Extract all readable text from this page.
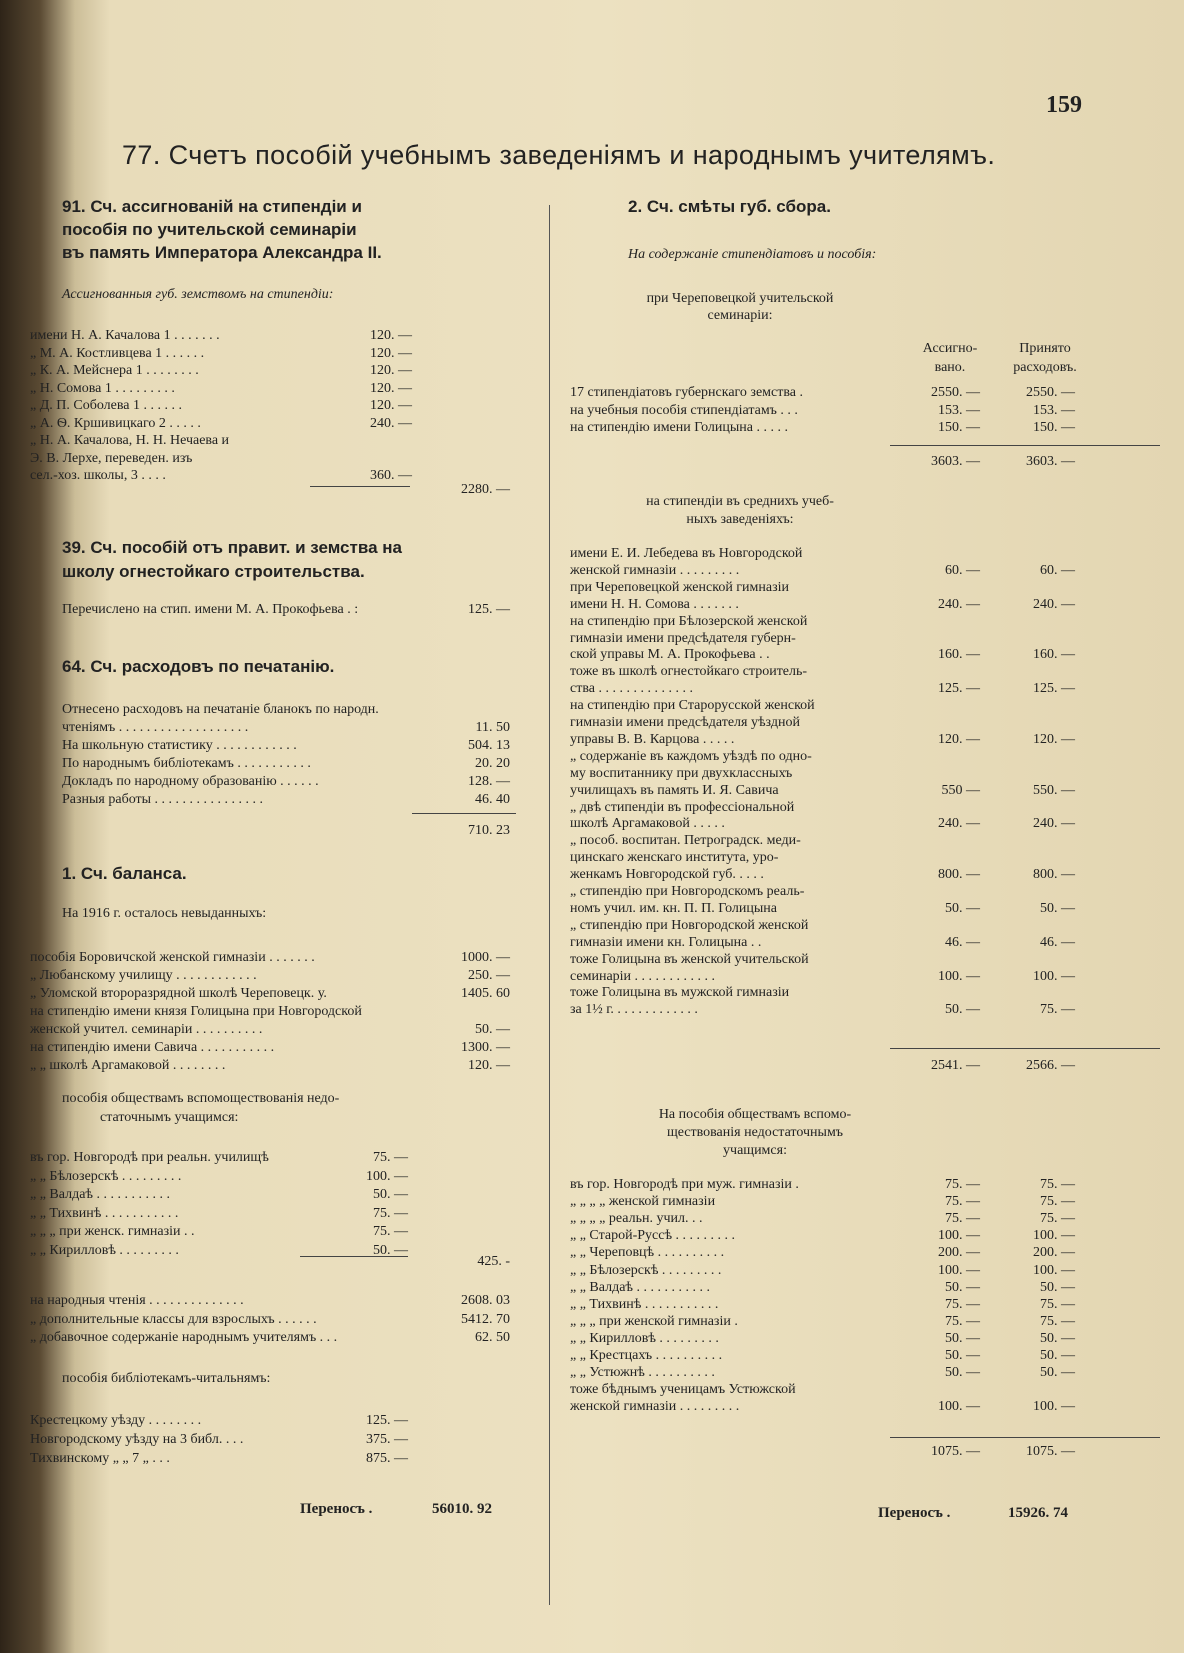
159
77. Счетъ пособій учебнымъ заведеніямъ и народнымъ учителямъ.
91. Сч. ассигнованій на стипендіи и
пособія по учительской семинаріи
въ память Императора Александра II.
Ассигнованныя губ. земствомъ на стипендіи:
имени Н. А. Качалова 1 . . . . . . .	120. —
„ М. А. Костливцева 1 . . . . . .	120. —
„ К. А. Мейснера 1 . . . . . . . .	120. —
„ Н. Сомова 1 . . . . . . . . .	120. —
„ Д. П. Соболева 1 . . . . . .	120. —
„ А. Ѳ. Кршивицкаго 2 . . . . .	240. —
„ Н. А. Качалова, Н. Н. Нечаева и
Э. В. Лерхе, переведен. изъ
сел.-хоз. школы, 3 . . . .	360. —
2280. —
39. Сч. пособій отъ правит. и земства на
школу огнестойкаго строительства.
Перечислено на стип. имени М. А. Прокофьева . :	125. —
64. Сч. расходовъ по печатанію.
Отнесено расходовъ на печатаніе бланокъ по народн.
чтеніямъ . . . . . . . . . . . . . . . . . . .	11. 50
На школьную статистику . . . . . . . . . . . .	504. 13
По народнымъ библіотекамъ . . . . . . . . . . .	20. 20
Докладъ по народному образованію . . . . . .	128. —
Разныя работы . . . . . . . . . . . . . . . .	46. 40
710. 23
1. Сч. баланса.
На 1916 г. осталось невыданныхъ:
пособія Боровичской женской гимназіи . . . . . . .	1000. —
„ Любанскому училищу . . . . . . . . . . . .	250. —
„ Уломской второразрядной школѣ Череповецк. у.	1405. 60
на стипендію имени князя Голицына при Новгородской
женской учител. семинаріи . . . . . . . . . .	50. —
на стипендію имени Савича . . . . . . . . . . .	1300. —
„ „ школѣ Аргамаковой . . . . . . . .	120. —
пособія обществамъ вспомоществованія недо-
статочнымъ учащимся:
въ гор. Новгородѣ при реальн. училищѣ	75. —
„ „ Бѣлозерскѣ . . . . . . . . .	100. —
„ „ Валдаѣ . . . . . . . . . . .	50. —
„ „ Тихвинѣ . . . . . . . . . . .	75. —
„ „ „ при женск. гимназіи . .	75. —
„ „ Кирилловѣ . . . . . . . . .	50. —
425. -
на народныя чтенія . . . . . . . . . . . . . .	2608. 03
„ дополнительные классы для взрослыхъ . . . . . .	5412. 70
„ добавочное содержаніе народнымъ учителямъ . . .	62. 50
пособія библіотекамъ-читальнямъ:
Крестецкому уѣзду . . . . . . . .	125. —
Новгородскому уѣзду на 3 библ. . . .	375. —
Тихвинскому „ „ 7 „ . . .	875. —
Переносъ .	56010. 92
2. Сч. смѣты губ. сбора.
На содержаніе стипендіатовъ и пособія:
при Череповецкой учительской
семинаріи:
Ассигно-
вано.
Принято
расходовъ.
17 стипендіатовъ губернскаго земства .	2550. —	2550. —
на учебныя пособія стипендіатамъ . . .	153. —	153. —
на стипендію имени Голицына . . . . .	150. —	150. —
3603. —	3603. —
на стипендіи въ среднихъ учеб-
ныхъ заведеніяхъ:
имени Е. И. Лебедева въ Новгородской
женской гимназіи . . . . . . . . .	60. —	60. —
при Череповецкой женской гимназіи
имени Н. Н. Сомова . . . . . . .	240. —	240. —
на стипендію при Бѣлозерской женской
гимназіи имени предсѣдателя губерн-
ской управы М. А. Прокофьева . .	160. —	160. —
тоже въ школѣ огнестойкаго строитель-
ства . . . . . . . . . . . . . .	125. —	125. —
на стипендію при Старорусской женской
гимназіи имени предсѣдателя уѣздной
управы В. В. Карцова . . . . .	120. —	120. —
„ содержаніе въ каждомъ уѣздѣ по одно-
му воспитаннику при двухклассныхъ
училищахъ въ память И. Я. Савича	550 —	550. —
„ двѣ стипендіи въ профессіональной
школѣ Аргамаковой . . . . .	240. —	240. —
„ пособ. воспитан. Петроградск. меди-
цинскаго женскаго института, уро-
женкамъ Новгородской губ. . . . .	800. —	800. —
„ стипендію при Новгородскомъ реаль-
номъ учил. им. кн. П. П. Голицына	50. —	50. —
„ стипендію при Новгородской женской
гимназіи имени кн. Голицына . .	46. —	46. —
тоже Голицына въ женской учительской
семинаріи . . . . . . . . . . . .	100. —	100. —
тоже Голицына въ мужской гимназіи
за 1½ г. . . . . . . . . . . . .	50. —	75. —
2541. —	2566. —
На пособія обществамъ вспомо-
ществованія недостаточнымъ
учащимся:
въ гор. Новгородѣ при муж. гимназіи .	75. —	75. —
„ „ „ „ женской гимназіи	75. —	75. —
„ „ „ „ реальн. учил. . .	75. —	75. —
„ „ Старой-Руссѣ . . . . . . . . .	100. —	100. —
„ „ Череповцѣ . . . . . . . . . .	200. —	200. —
„ „ Бѣлозерскѣ . . . . . . . . .	100. —	100. —
„ „ Валдаѣ . . . . . . . . . . .	50. —	50. —
„ „ Тихвинѣ . . . . . . . . . . .	75. —	75. —
„ „ „ при женской гимназіи .	75. —	75. —
„ „ Кирилловѣ . . . . . . . . .	50. —	50. —
„ „ Крестцахъ . . . . . . . . . .	50. —	50. —
„ „ Устюжнѣ . . . . . . . . . .	50. —	50. —
тоже бѣднымъ ученицамъ Устюжской
женской гимназіи . . . . . . . . .	100. —	100. —
1075. —	1075. —
Переносъ .	15926. 74
